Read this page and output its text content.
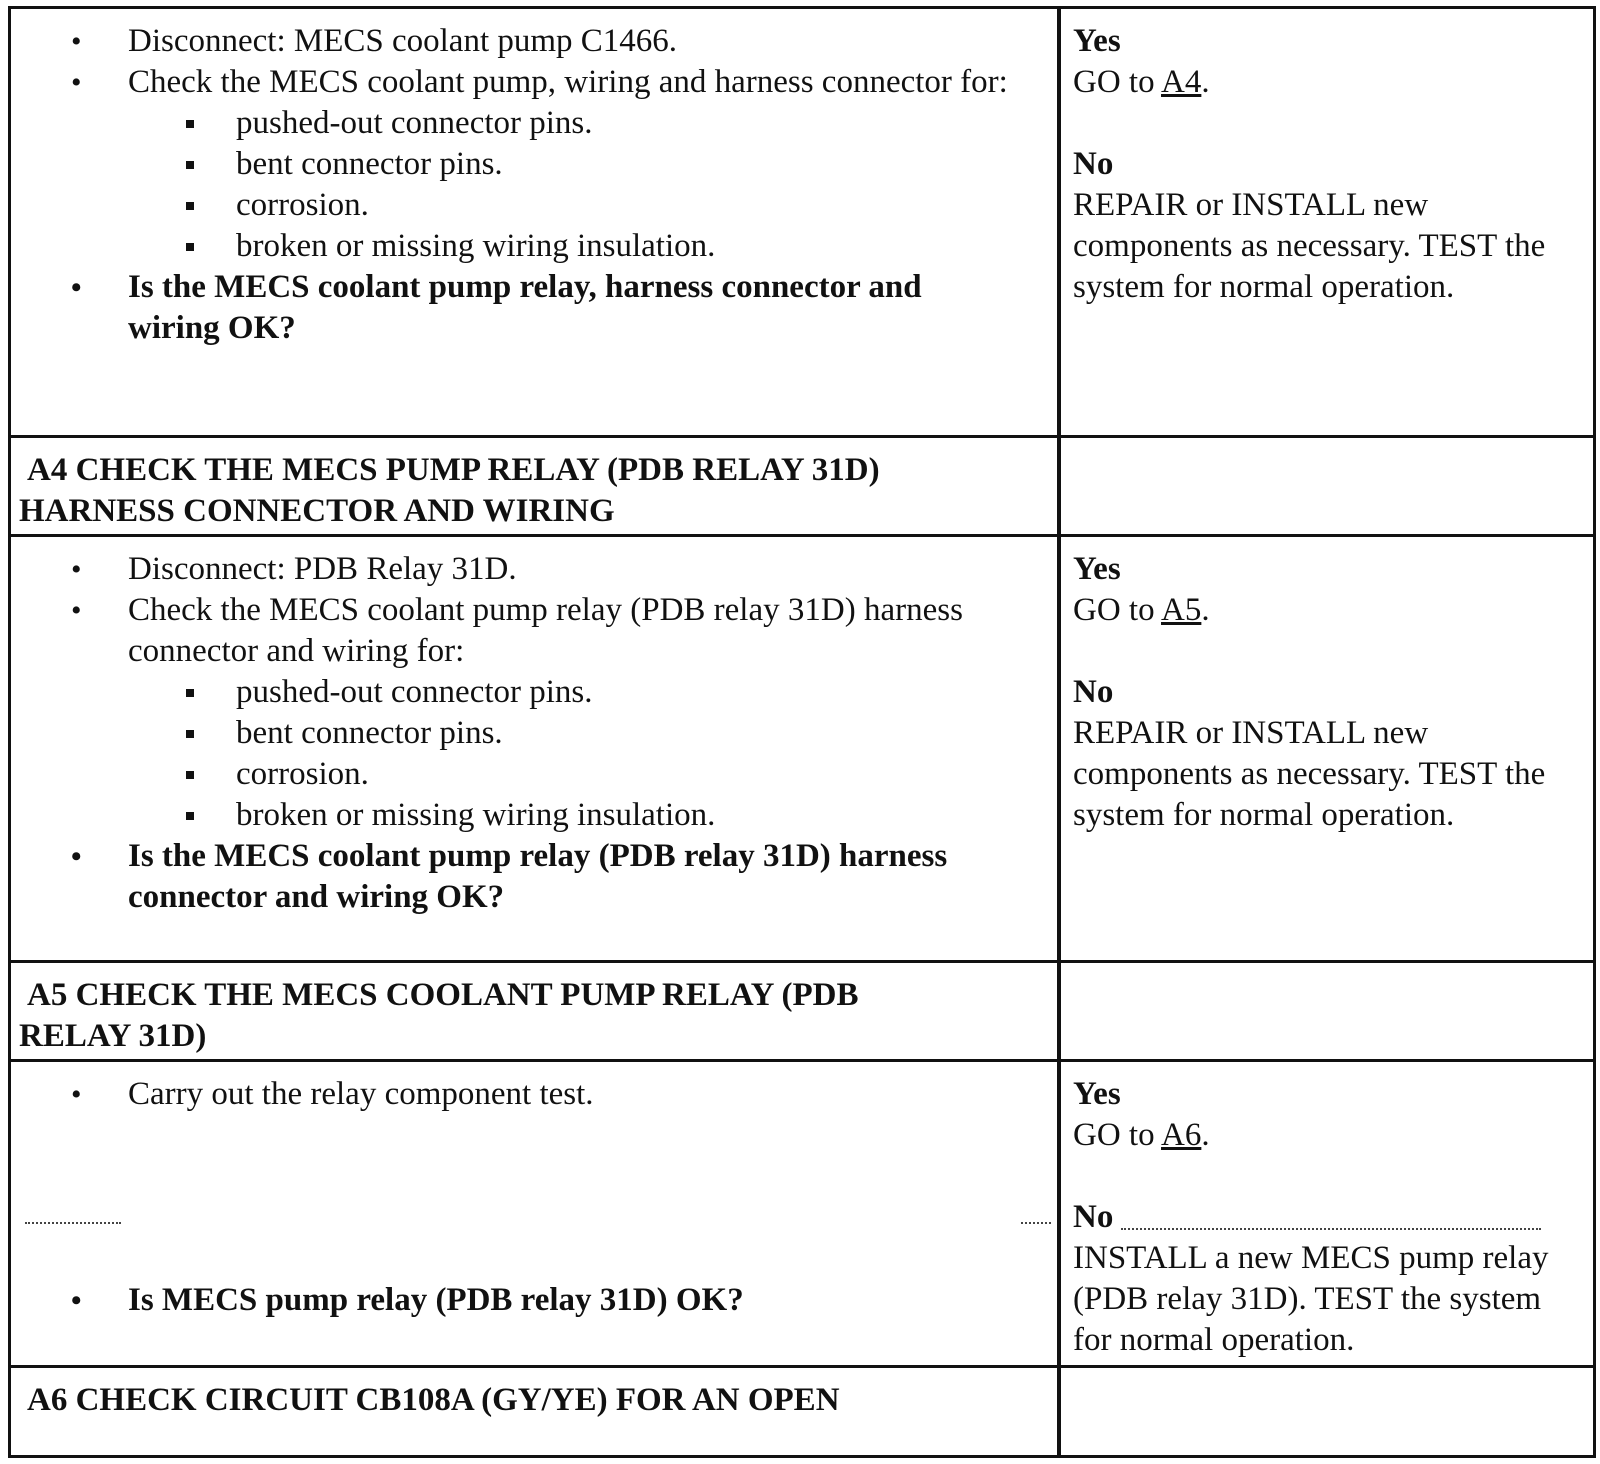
• Disconnect: MECS coolant pump C1466.
• Check the MECS coolant pump, wiring and harness connector for:
pushed-out connector pins.
bent connector pins.
corrosion.
broken or missing wiring insulation.
• Is the MECS coolant pump relay, harness connector and wiring OK?
Yes
GO to A4.
No
REPAIR or INSTALL new components as necessary. TEST the system for normal operation.
A4 CHECK THE MECS PUMP RELAY (PDB RELAY 31D)
HARNESS CONNECTOR AND WIRING
• Disconnect: PDB Relay 31D.
• Check the MECS coolant pump relay (PDB relay 31D) harness connector and wiring for:
pushed-out connector pins.
bent connector pins.
corrosion.
broken or missing wiring insulation.
• Is the MECS coolant pump relay (PDB relay 31D) harness connector and wiring OK?
Yes
GO to A5.
No
REPAIR or INSTALL new components as necessary. TEST the system for normal operation.
A5 CHECK THE MECS COOLANT PUMP RELAY (PDB
RELAY 31D)
• Carry out the relay component test.
• Is MECS pump relay (PDB relay 31D) OK?
Yes
GO to A6.
No
INSTALL a new MECS pump relay (PDB relay 31D). TEST the system for normal operation.
A6 CHECK CIRCUIT CB108A (GY/YE) FOR AN OPEN
